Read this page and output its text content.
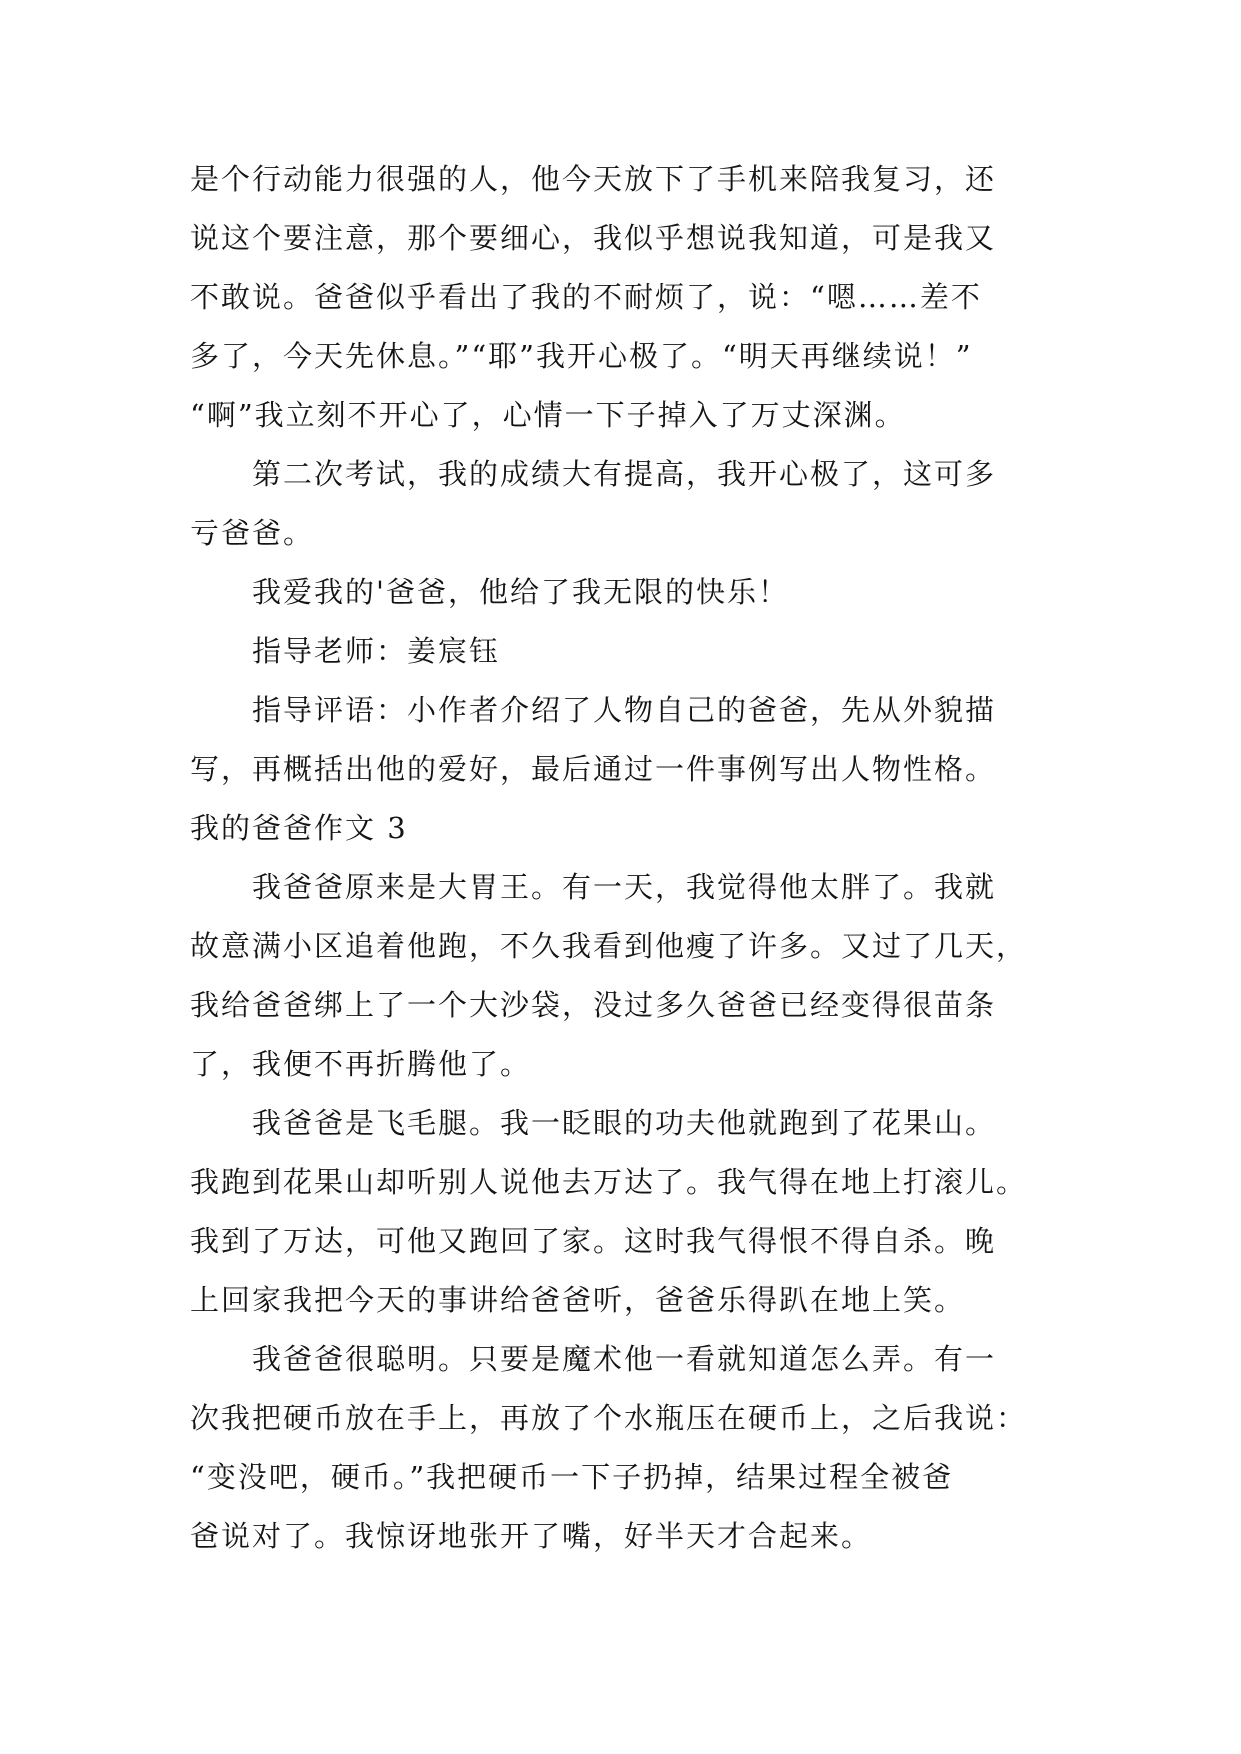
是个行动能力很强的人，他今天放下了手机来陪我复习，还
说这个要注意，那个要细心，我似乎想说我知道，可是我又
不敢说。爸爸似乎看出了我的不耐烦了，说：“嗯……差不
多了，今天先休息。”“耶”我开心极了。“明天再继续说！”
“啊”我立刻不开心了，心情一下子掉入了万丈深渊。
第二次考试，我的成绩大有提高，我开心极了，这可多
亏爸爸。
我爱我的'爸爸，他给了我无限的快乐！
指导老师：姜宸钰
指导评语：小作者介绍了人物自己的爸爸，先从外貌描
写，再概括出他的爱好，最后通过一件事例写出人物性格。
我的爸爸作文 3
我爸爸原来是大胃王。有一天，我觉得他太胖了。我就
故意满小区追着他跑，不久我看到他瘦了许多。又过了几天，
我给爸爸绑上了一个大沙袋，没过多久爸爸已经变得很苗条
了，我便不再折腾他了。
我爸爸是飞毛腿。我一眨眼的功夫他就跑到了花果山。
我跑到花果山却听别人说他去万达了。我气得在地上打滚儿。
我到了万达，可他又跑回了家。这时我气得恨不得自杀。晚
上回家我把今天的事讲给爸爸听，爸爸乐得趴在地上笑。
我爸爸很聪明。只要是魔术他一看就知道怎么弄。有一
次我把硬币放在手上，再放了个水瓶压在硬币上，之后我说：
“变没吧，硬币。”我把硬币一下子扔掉，结果过程全被爸
爸说对了。我惊讶地张开了嘴，好半天才合起来。
